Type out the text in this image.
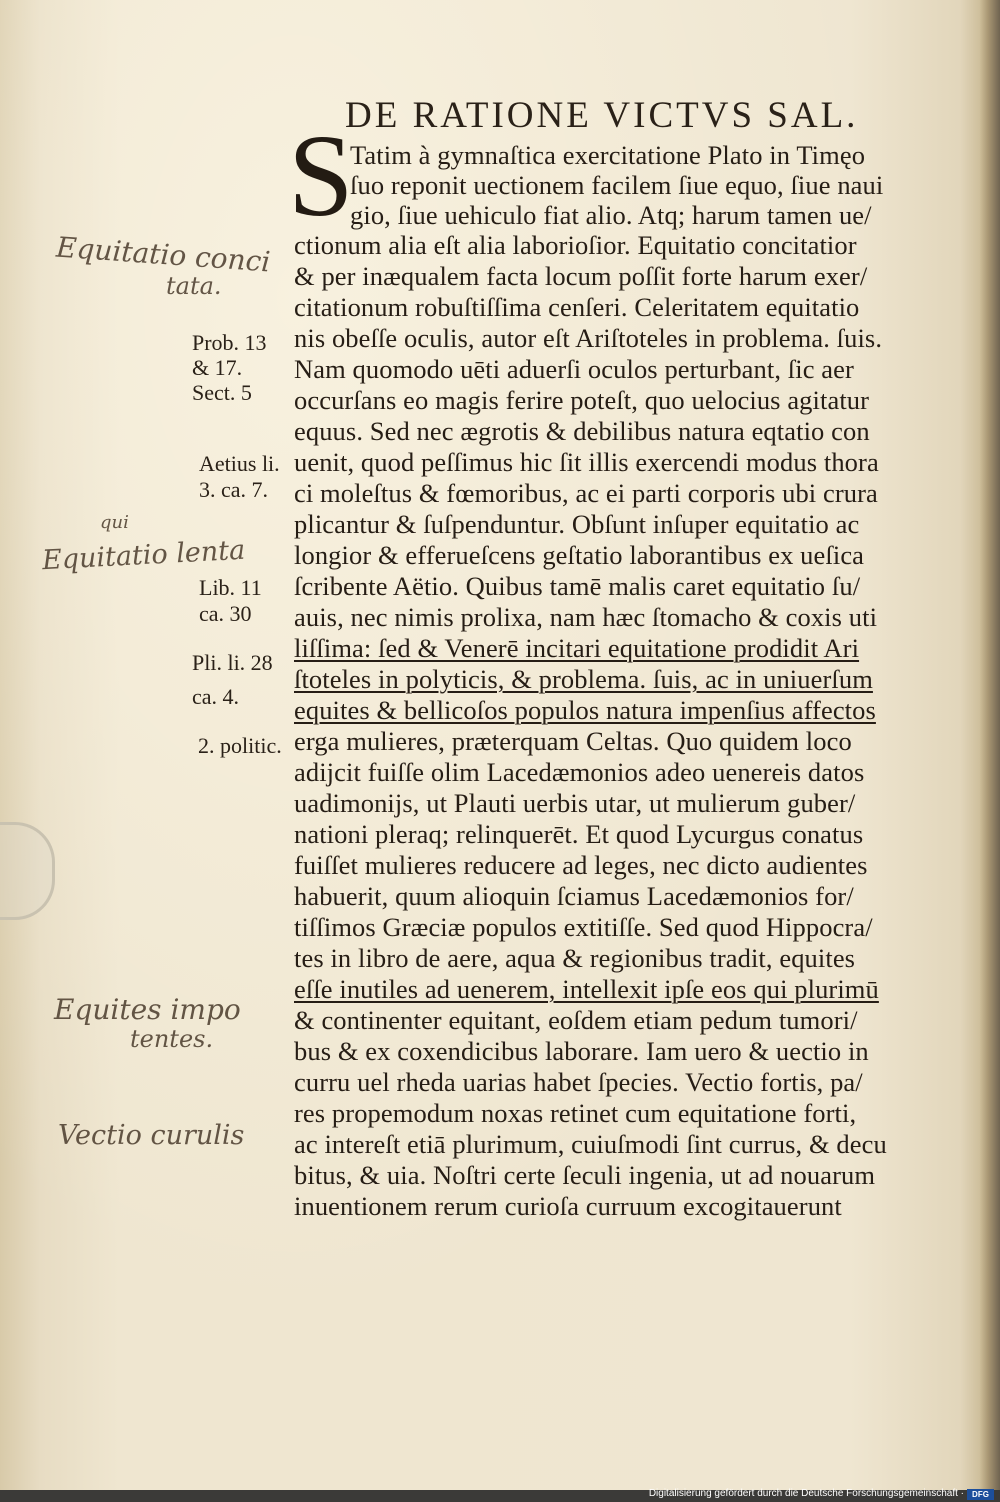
DE RATIONE VICTVS SAL.
S
Tatim à gymnaſtica exercitatione Plato in Timęo
ſuo reponit uectionem facilem ſiue equo, ſiue naui
gio, ſiue uehiculo fiat alio. Atq; harum tamen ue/
ctionum alia eſt alia laborioſior. Equitatio concitatior
& per inæqualem facta locum poſſit forte harum exer/
citationum robuſtiſſima cenſeri. Celeritatem equitatio
nis obeſſe oculis, autor eſt Ariſtoteles in problema. ſuis.
Nam quomodo uēti aduerſi oculos perturbant, ſic aer
occurſans eo magis ferire poteſt, quo uelocius agitatur
equus. Sed nec ægrotis & debilibus natura eqtatio con
uenit, quod peſſimus hic ſit illis exercendi modus thora
ci moleſtus & fœmoribus, ac ei parti corporis ubi crura
plicantur & ſuſpenduntur. Obſunt inſuper equitatio ac
longior & efferueſcens geſtatio laborantibus ex ueſica
ſcribente Aëtio. Quibus tamē malis caret equitatio ſu/
auis, nec nimis prolixa, nam hæc ſtomacho & coxis uti
liſſima: ſed & Venerē incitari equitatione prodidit Ari
ſtoteles in polyticis, & problema. ſuis, ac in uniuerſum
equites & bellicoſos populos natura impenſius affectos
erga mulieres, præterquam Celtas. Quo quidem loco
adijcit fuiſſe olim Lacedæmonios adeo uenereis datos
uadimonijs, ut Plauti uerbis utar, ut mulierum guber/
nationi pleraq; relinquerēt. Et quod Lycurgus conatus
fuiſſet mulieres reducere ad leges, nec dicto audientes
habuerit, quum alioquin ſciamus Lacedæmonios for/
tiſſimos Græciæ populos extitiſſe. Sed quod Hippocra/
tes in libro de aere, aqua & regionibus tradit, equites
eſſe inutiles ad uenerem, intellexit ipſe eos qui plurimū
& continenter equitant, eoſdem etiam pedum tumori/
bus & ex coxendicibus laborare. Iam uero & uectio in
curru uel rheda uarias habet ſpecies. Vectio fortis, pa/
res propemodum noxas retinet cum equitatione forti,
ac intereſt etiā plurimum, cuiuſmodi ſint currus, & decu
bitus, & uia. Noſtri certe ſeculi ingenia, ut ad nouarum
inuentionem rerum curioſa curruum excogitauerunt
Prob. 13
& 17.
Sect. 5
Aetius li.
3. ca. 7.
Lib. 11
ca. 30
Pli. li. 28
ca. 4.
2. politic.
Equitatio conci
tata.
qui
Equitatio lenta
Equites impo
tentes.
Vectio curulis
Digitalisierung gefördert durch die Deutsche Forschungsgemeinschaft ·	DFG
